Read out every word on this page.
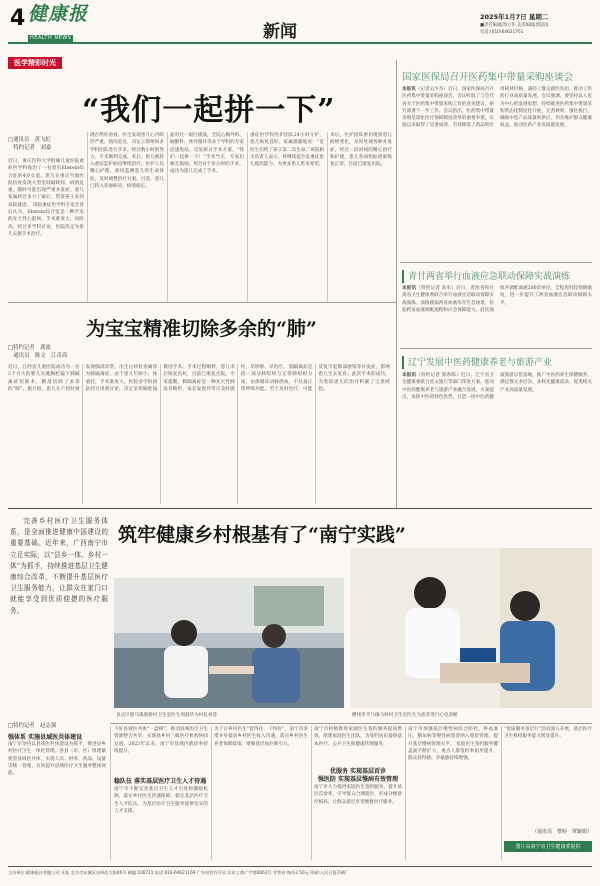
4 健康报
HEALTH NEWS	新闻
2025年1月7日 星期二
■责任编辑|周立伟 美术编辑|郭思雨
电话:(010)64621761
医学精彩时光
“我们一起拼一下”
□通讯员　黄飞虹
　特约记者　刘嘉
近日，重庆医科大学附属儿童医院重症医学科收治了一名患有Ebstein综合征的4岁女童。患儿在重庆当地医院检查发现大型室间隔缺损，病情危重，随时可能出现严重并发症。患儿家属经过多方了解后，带着孩子来到该院就诊。 该院重症医学科专家会诊后认为，Ebstein综合征是一种罕见的先天性心脏病，手术难度大、风险高。经过多学科讨论，医院决定为患儿实施手术治疗。
现在给你看看，医生发现患儿心内畸形严重，情况危急，决定立即组织多学科团队进行手术。经过数小时的努力，手术顺利完成。术后，患儿被转入重症监护病房继续治疗。医护人员精心护理，密切监测患儿的生命体征，及时调整治疗方案。目前，患儿已转入普通病房，病情稳定。
面对这一艰巨挑战，全院心胸外科、麻醉科、体外循环等多个学科的专家迅速集结，反复研讨手术方案。“我们一起拼一下！”手术当天，专家们相互鼓励，经过8个多小时的手术，成功为患儿完成了手术。
重症医学科医护团队24小时守护，患儿恢复良好。家属感激地说：“是医生们给了孩子第二次生命。”该院相关负责人表示，将继续提升危重症患儿救治能力，为更多患儿带来希望。
术后，医护团队密切观察患儿病情变化，及时处理各种并发症。经过一段时间的精心治疗和护理，患儿各项指标逐渐恢复正常，目前已康复出院。
国家医保局召开医药集中带量采购座谈会
本报讯（记者吴少杰）近日，国家医保局召开医药集中带量采购座谈会。会议听取了与会代表关于医药集中带量采购工作的意见建议，研究部署下一步工作。会议指出，医药集中带量采购是深化医疗保障制度改革的重要举措，实施以来取得了显著成效，有效降低了药品和医用耗材价格，减轻了群众就医负担，推动了医药行业高质量发展。会议强调，要坚持以人民为中心的发展思想，持续推进医药集中带量采购常态化制度化开展，完善规则，强化执行，确保中选产品质量和供应，切实维护群众健康权益，推动医药产业高质量发展。
青甘两省举行血液应急联动保障实战演练
本报讯（特约记者 高军）近日，青海省和甘肃省卫生健康委联合举行血液应急联动保障实战演练。演练模拟两省血液库存告急场景，检验跨省血液调配流程和应急保障能力。此次演练共调配血液200余单位，全程用时较预期缩短，进一步提升了两省血液应急联动保障水平。
辽宁发展中医药健康养老与旅游产业
本报讯（特约记者 郭春晖）近日，辽宁省卫生健康委联合省文旅厅等部门印发方案，推动中医药健康养老与旅游产业融合发展。方案提出，发挥中医药特色优势，打造一批中医药健康旅游示范基地，推广中医药养生保健服务，满足群众多层次、多样化健康需求，促进相关产业高质量发展。
为宝宝精准切除多余的“肺”
□特约记者　龚波
　通讯员　陈文　江奇高
近日，江西省儿童医院成功为一名2个月大的婴儿实施胸腔镜下肺隔离症切除术，精准切除了多余的“肺”。据介绍，患儿在产检时被发现肺部异常，出生后经检查确诊为肺隔离症。由于患儿年龄小、体重轻，手术难度大。医院多学科团队经过周密讨论，决定采用胸腔镜微创手术。手术过程顺利，患儿术后恢复良好，目前已康复出院。专家提醒，肺隔离症是一种先天性肺发育畸形，家长发现异常应及时就医，早诊断、早治疗。 肺隔离症是指一部分肺组织与正常肺组织分离，由体循环动脉供血，不具备正常呼吸功能。若不及时治疗，可能反复引起肺部感染等并发症，影响患儿生长发育。此次手术的成功，为类似患儿的治疗积累了宝贵经验。
筑牢健康乡村根基有了“南宁实践”
完善乡村医疗卫生服务体系，是全面推进健康中国建设的重要基础。近年来，广西南宁市立足实际，以“县乡一体、乡村一体”为抓手，持续推进基层卫生健康综合改革，不断提升基层医疗卫生服务能力，让群众在家门口就能享受到优质便捷的医疗服务。
良庆区那马镇那桥村卫生室医生周润华为村民看诊	横州市平马镇马岭村卫生室医生为患者进行心电诊断
□特约记者　赵志强
强体系 实施县域医共体建设
南宁市坚持以县域医共体建设为抓手，推进县乡村医疗卫生一体化管理。各县（市、区）组建紧密型县域医共体，实现人员、财务、药品、设备等统一管理，有效提升县域医疗卫生服务整体效能。
下好县域医共体“一盘棋”，推动县域医疗卫生资源整合共享，实现县乡村三级医疗机构协同发展。2023年以来，南宁市县域内就诊率持续提升。
稳队伍 落实基层医疗卫生人才待遇
南宁市不断完善基层卫生人才引进和激励机制，落实乡村医生待遇保障，稳定基层医疗卫生人才队伍，为基层医疗卫生服务提供坚实的人才支撑。
为了让乡村医生“留得住、干得好”，南宁市多措并举提高乡村医生收入待遇，落实乡村医生养老保障政策，增强基层岗位吸引力。
南宁市积极推进家庭医生签约服务提质增效，组建家庭医生团队，为签约居民提供基本医疗、公共卫生和健康管理服务。
优服务 实现基层首诊
强医防 实现基层慢病有效管理
南宁市大力推进家庭医生签约服务，提升基层首诊率，引导群众合理就医，形成分级诊疗格局，让群众就近享受便捷医疗服务。
南宁市加强基层慢性病综合防控，将高血压、糖尿病等慢性病患者纳入规范管理，提升基层慢病管理水平。 家庭医生签约服务覆盖面不断扩大，重点人群签约率稳步提升，群众获得感、幸福感持续增强。
“优质服务基层行”活动深入开展，基层医疗卫生机构服务能力明显提升。
（通讯员　黎婷　覃颖娟）
图片由南宁市卫生健康委提供
主办单位:健康报社有限公司 社址:北京市东城区东四西大街46号 邮编:100711 电话:010-64621169 广告经营许可证:京东工商广字第0061号 零售价:每份2.50元 印刷:人民日报印刷厂
